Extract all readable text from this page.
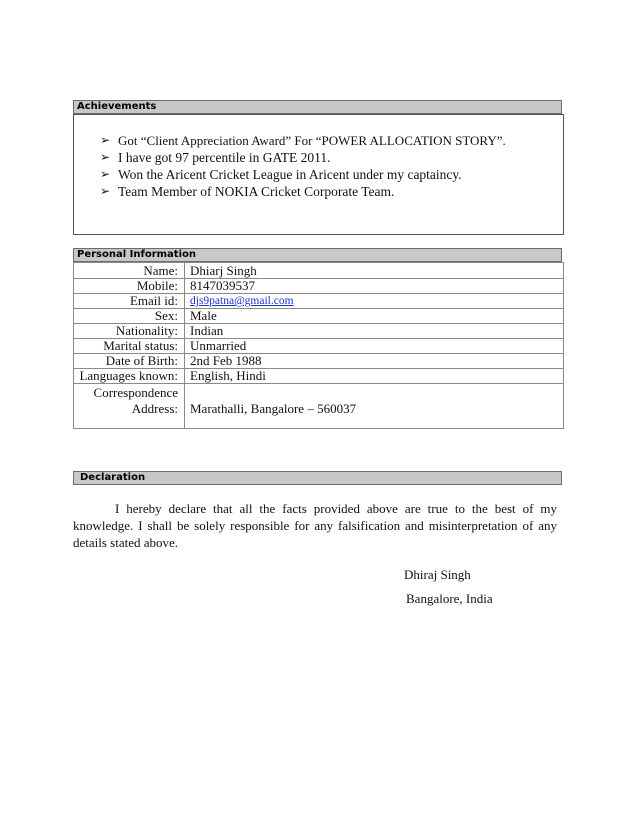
Achievements
➢ Got “Client Appreciation Award” For “POWER ALLOCATION STORY”.
➢ I have got 97 percentile in GATE 2011.
➢ Won the Aricent Cricket League in Aricent under my captaincy.
➢ Team Member of NOKIA Cricket Corporate Team.
Personal Information
Name: Dhiarj Singh
Mobile: 8147039537
Email id: djs9patna@gmail.com
Sex: Male
Nationality: Indian
Marital status: Unmarried
Date of Birth: 2nd Feb 1988
Languages known: English, Hindi
Correspondence
Address: Marathalli, Bangalore – 560037
Declaration

I hereby declare that all the facts provided above are true to the best of my knowledge. I shall be solely responsible for any falsification and misinterpretation of any details stated above.

Dhiraj Singh
Bangalore, India
